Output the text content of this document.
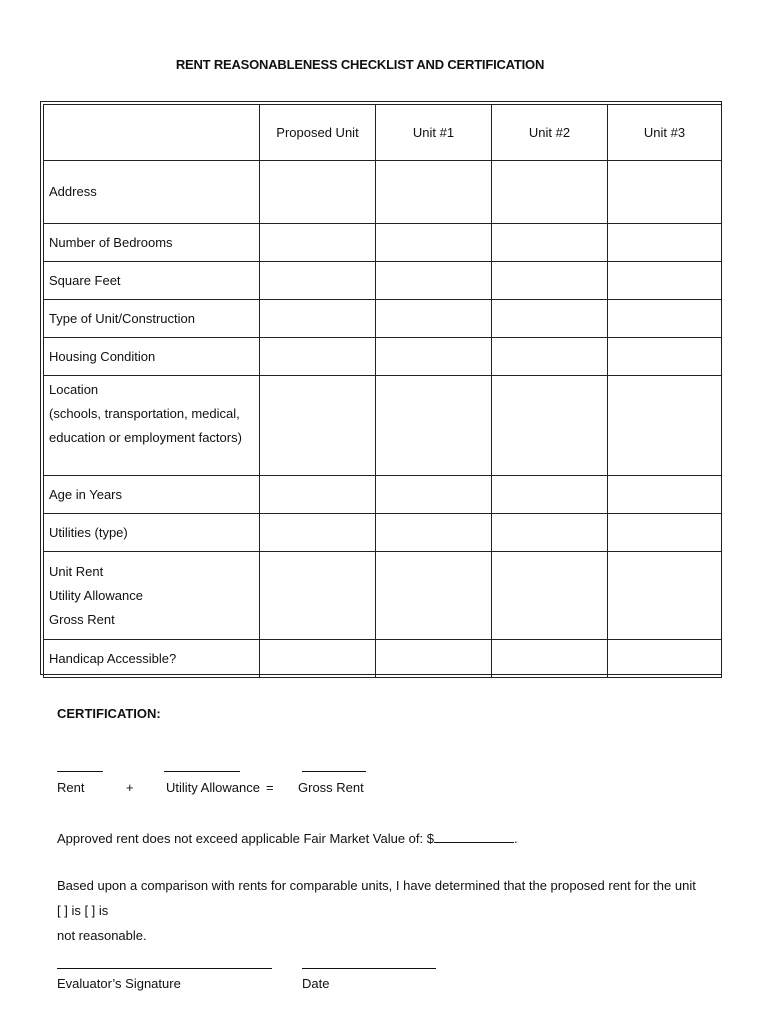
RENT REASONABLENESS CHECKLIST AND CERTIFICATION
	Proposed Unit	Unit #1	Unit #2	Unit #3

Address				

Number of Bedrooms				

Square Feet				

Type of Unit/Construction				

Housing Condition				

Location
(schools, transportation, medical,
education or employment factors)				

Age in Years				

Utilities (type)				

Unit Rent
Utility Allowance
Gross Rent				

Handicap Accessible?				

CERTIFICATION:
Rent	+ Utility Allowance = Gross Rent
Approved rent does not exceed applicable Fair Market Value of: $	.
Based upon a comparison with rents for comparable units, I have determined that the proposed rent for the unit [ ] is [ ] is
not reasonable.
Evaluator’s Signature	Date
